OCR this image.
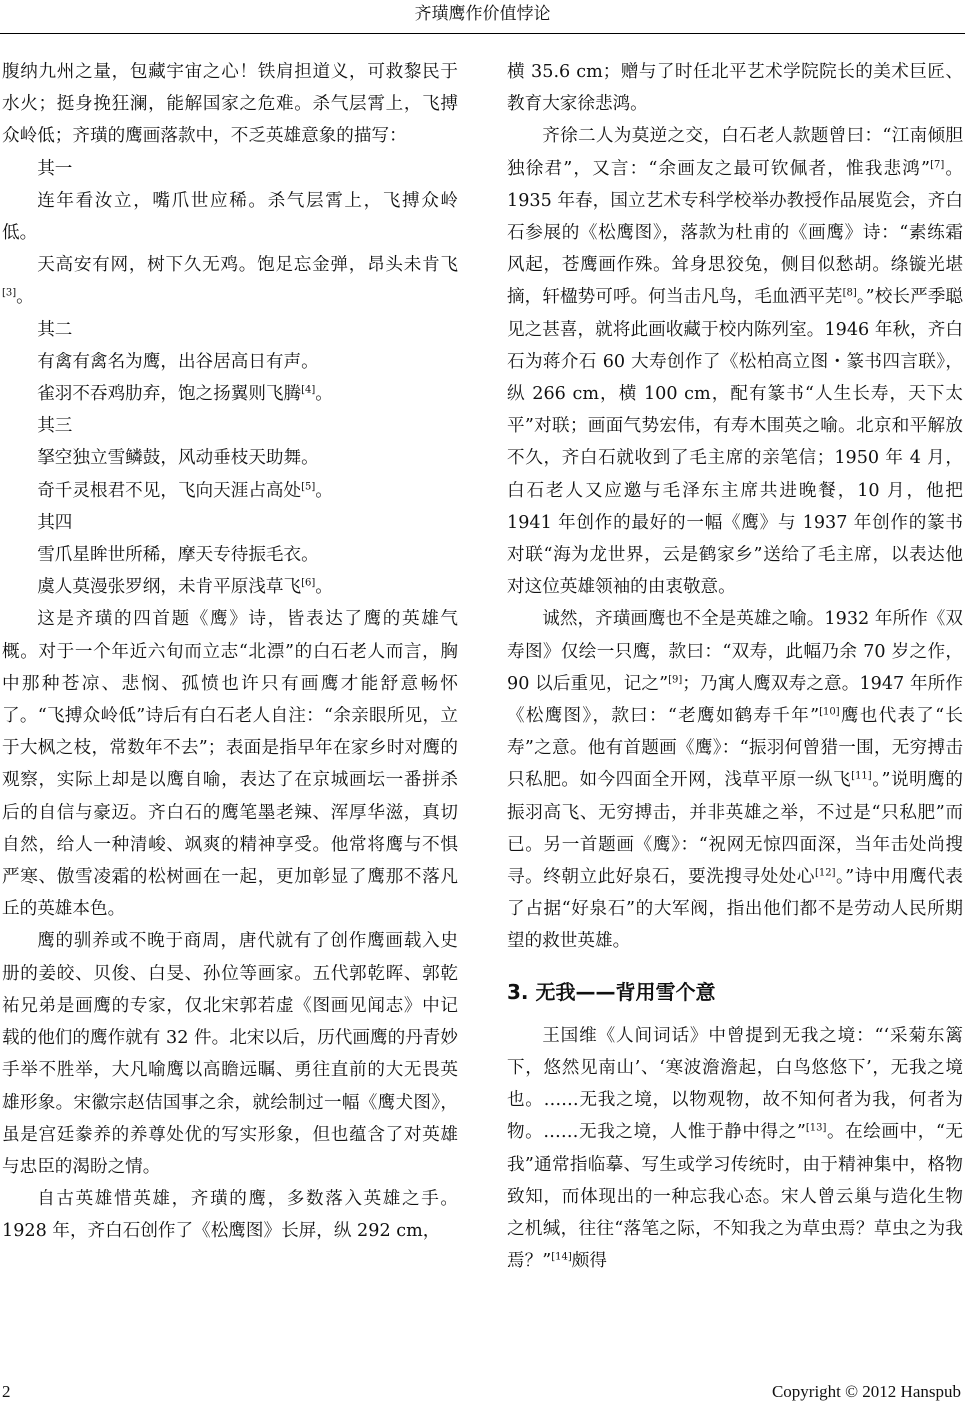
齐璜鹰作价值悖论

腹纳九州之量，包藏宇宙之心！铁肩担道义，可救黎民于水火；挺身挽狂澜，能解国家之危难。杀气层霄上，飞搏众岭低；齐璜的鹰画落款中，不乏英雄意象的描写：

其一

连年看汝立，嘴爪世应稀。杀气层霄上，飞搏众岭低。

天高安有网，树下久无鸡。饱足忘金弹，昂头未肯飞[3]。

其二

有禽有禽名为鹰，出谷居高日有声。

雀羽不吞鸡肋弃，饱之扬翼则飞腾[4]。

其三

拏空独立雪鳞鼓，风动垂枝天助舞。

奇千灵根君不见，飞向天涯占高处[5]。

其四

雪爪星眸世所稀，摩天专待振毛衣。

虞人莫漫张罗纲，未肯平原浅草飞[6]。

这是齐璜的四首题《鹰》诗，皆表达了鹰的英雄气概。对于一个年近六旬而立志“北漂”的白石老人而言，胸中那种苍凉、悲悯、孤愤也许只有画鹰才能舒意畅怀了。“飞搏众岭低”诗后有白石老人自注：“余亲眼所见，立于大枫之枝，常数年不去”；表面是指早年在家乡时对鹰的观察，实际上却是以鹰自喻，表达了在京城画坛一番拼杀后的自信与豪迈。齐白石的鹰笔墨老辣、浑厚华滋，真切自然，给人一种清峻、飒爽的精神享受。他常将鹰与不惧严寒、傲雪凌霜的松树画在一起，更加彰显了鹰那不落凡丘的英雄本色。

鹰的驯养或不晚于商周，唐代就有了创作鹰画载入史册的姜皎、贝俊、白旻、孙位等画家。五代郭乾晖、郭乾祐兄弟是画鹰的专家，仅北宋郭若虚《图画见闻志》中记载的他们的鹰作就有 32 件。北宋以后，历代画鹰的丹青妙手举不胜举，大凡喻鹰以高瞻远瞩、勇往直前的大无畏英雄形象。宋徽宗赵佶国事之余，就绘制过一幅《鹰犬图》，虽是宫廷豢养的养尊处优的写实形象，但也蕴含了对英雄与忠臣的渴盼之情。

自古英雄惜英雄，齐璜的鹰，多数落入英雄之手。1928 年，齐白石创作了《松鹰图》长屏，纵 292 cm，

横 35.6 cm；赠与了时任北平艺术学院院长的美术巨匠、教育大家徐悲鸿。

齐徐二人为莫逆之交，白石老人款题曾曰：“江南倾胆独徐君”，又言：“余画友之最可钦佩者，惟我悲鸿”[7]。1935 年春，国立艺术专科学校举办教授作品展览会，齐白石参展的《松鹰图》，落款为杜甫的《画鹰》诗：“素练霜风起，苍鹰画作殊。耸身思狡兔，侧目似愁胡。绦镟光堪摘，轩楹势可呼。何当击凡鸟，毛血洒平芜[8]。”校长严季聪见之甚喜，就将此画收藏于校内陈列室。1946 年秋，齐白石为蒋介石 60 大寿创作了《松柏高立图・篆书四言联》，纵 266 cm，横 100 cm，配有篆书“人生长寿，天下太平”对联；画面气势宏伟，有寿木围英之喻。北京和平解放不久，齐白石就收到了毛主席的亲笔信；1950 年 4 月，白石老人又应邀与毛泽东主席共进晚餐，10 月，他把 1941 年创作的最好的一幅《鹰》与 1937 年创作的篆书对联“海为龙世界，云是鹤家乡”送给了毛主席，以表达他对这位英雄领袖的由衷敬意。

诚然，齐璜画鹰也不全是英雄之喻。1932 年所作《双寿图》仅绘一只鹰，款曰：“双寿，此幅乃余 70 岁之作，90 以后重见，记之”[9]；乃寓人鹰双寿之意。1947 年所作《松鹰图》，款曰：“老鹰如鹤寿千年”[10]鹰也代表了“长寿”之意。他有首题画《鹰》：“振羽何曾猎一围，无穷搏击只私肥。如今四面全开网，浅草平原一纵飞[11]。”说明鹰的振羽高飞、无穷搏击，并非英雄之举，不过是“只私肥”而已。另一首题画《鹰》：“祝网无惊四面深，当年击处尚搜寻。终朝立此好泉石，要洗搜寻处处心[12]。”诗中用鹰代表了占据“好泉石”的大军阀，指出他们都不是劳动人民所期望的救世英雄。

3. 无我——背用雪个意

王国维《人间词话》中曾提到无我之境：“‘采菊东篱下，悠然见南山’、‘寒波澹澹起，白鸟悠悠下’，无我之境也。……无我之境，以物观物，故不知何者为我，何者为物。……无我之境，人惟于静中得之”[13]。在绘画中，“无我”通常指临摹、写生或学习传统时，由于精神集中，格物致知，而体现出的一种忘我心态。宋人曾云巢与造化生物之机缄，往往“落笔之际，不知我之为草虫焉？草虫之为我焉？”[14]颇得

2	Copyright © 2012 Hanspub
